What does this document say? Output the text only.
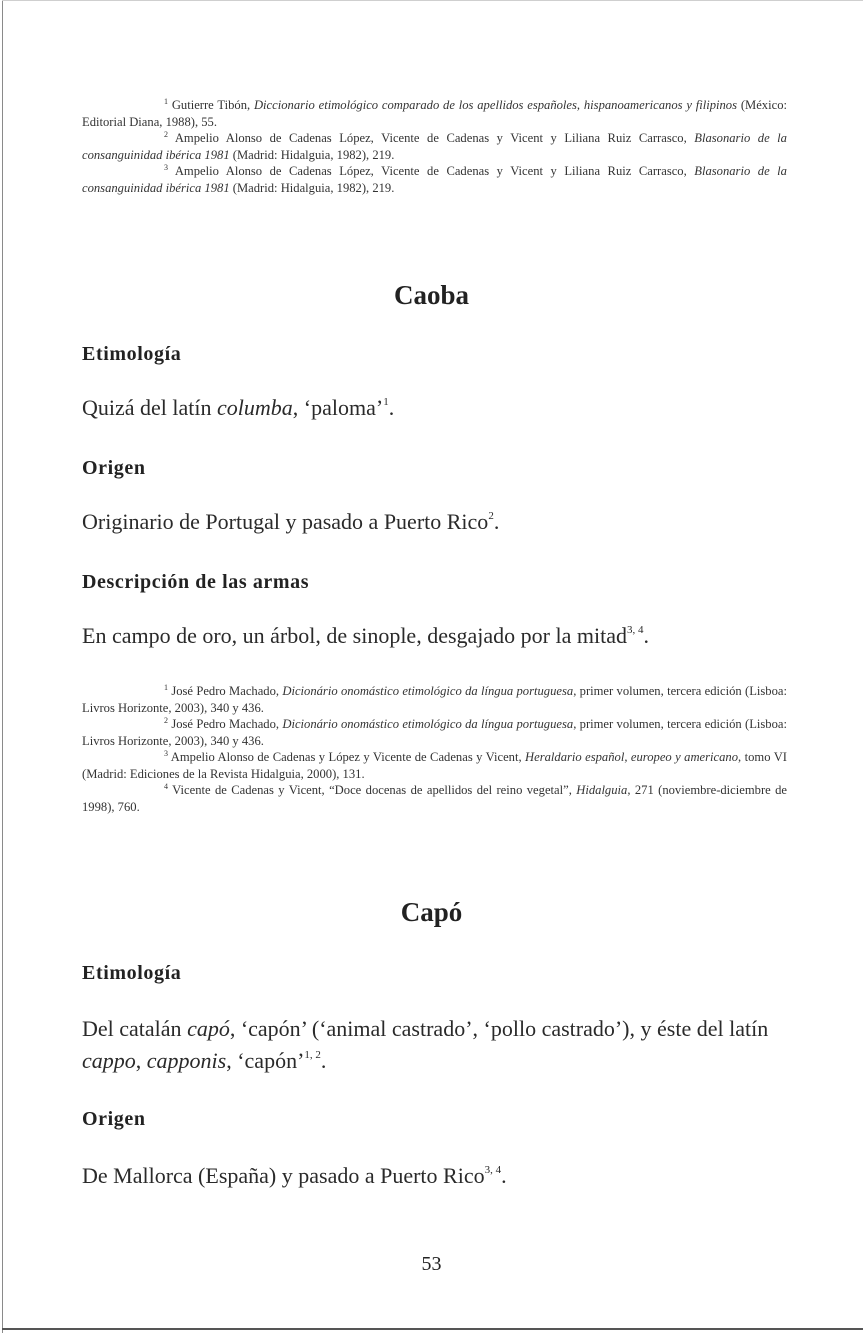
$^1$ Gutierre Tibón, Diccionario etimológico comparado de los apellidos españoles, hispanoamericanos y filipinos (México: Editorial Diana, 1988), 55.

$^2$ Ampelio Alonso de Cadenas López, Vicente de Cadenas y Vicent y Liliana Ruiz Carrasco, Blasonario de la consanguinidad ibérica 1981 (Madrid: Hidalguia, 1982), 219.

$^3$ Ampelio Alonso de Cadenas López, Vicente de Cadenas y Vicent y Liliana Ruiz Carrasco, Blasonario de la consanguinidad ibérica 1981 (Madrid: Hidalguia, 1982), 219.

Caoba
Etimología

Quizá del latín columba, ‘paloma’$^1$.

Origen

Originario de Portugal y pasado a Puerto Rico$^2$.

Descripción de las armas

En campo de oro, un árbol, de sinople, desgajado por la mitad$^{3, 4}$.

$^1$ José Pedro Machado, Dicionário onomástico etimológico da língua portuguesa, primer volumen, tercera edición (Lisboa: Livros Horizonte, 2003), 340 y 436.

$^2$ José Pedro Machado, Dicionário onomástico etimológico da língua portuguesa, primer volumen, tercera edición (Lisboa: Livros Horizonte, 2003), 340 y 436.

$^3$ Ampelio Alonso de Cadenas y López y Vicente de Cadenas y Vicent, Heraldario español, europeo y americano, tomo VI (Madrid: Ediciones de la Revista Hidalguia, 2000), 131.

$^4$ Vicente de Cadenas y Vicent, “Doce docenas de apellidos del reino vegetal”, Hidalguia, 271 (noviembre-diciembre de 1998), 760.

Capó
Etimología

Del catalán capó, ‘capón’ (‘animal castrado’, ‘pollo castrado’), y éste del latín cappo, capponis, ‘capón’$^{1, 2}$.

Origen

De Mallorca (España) y pasado a Puerto Rico$^{3, 4}$.

53
